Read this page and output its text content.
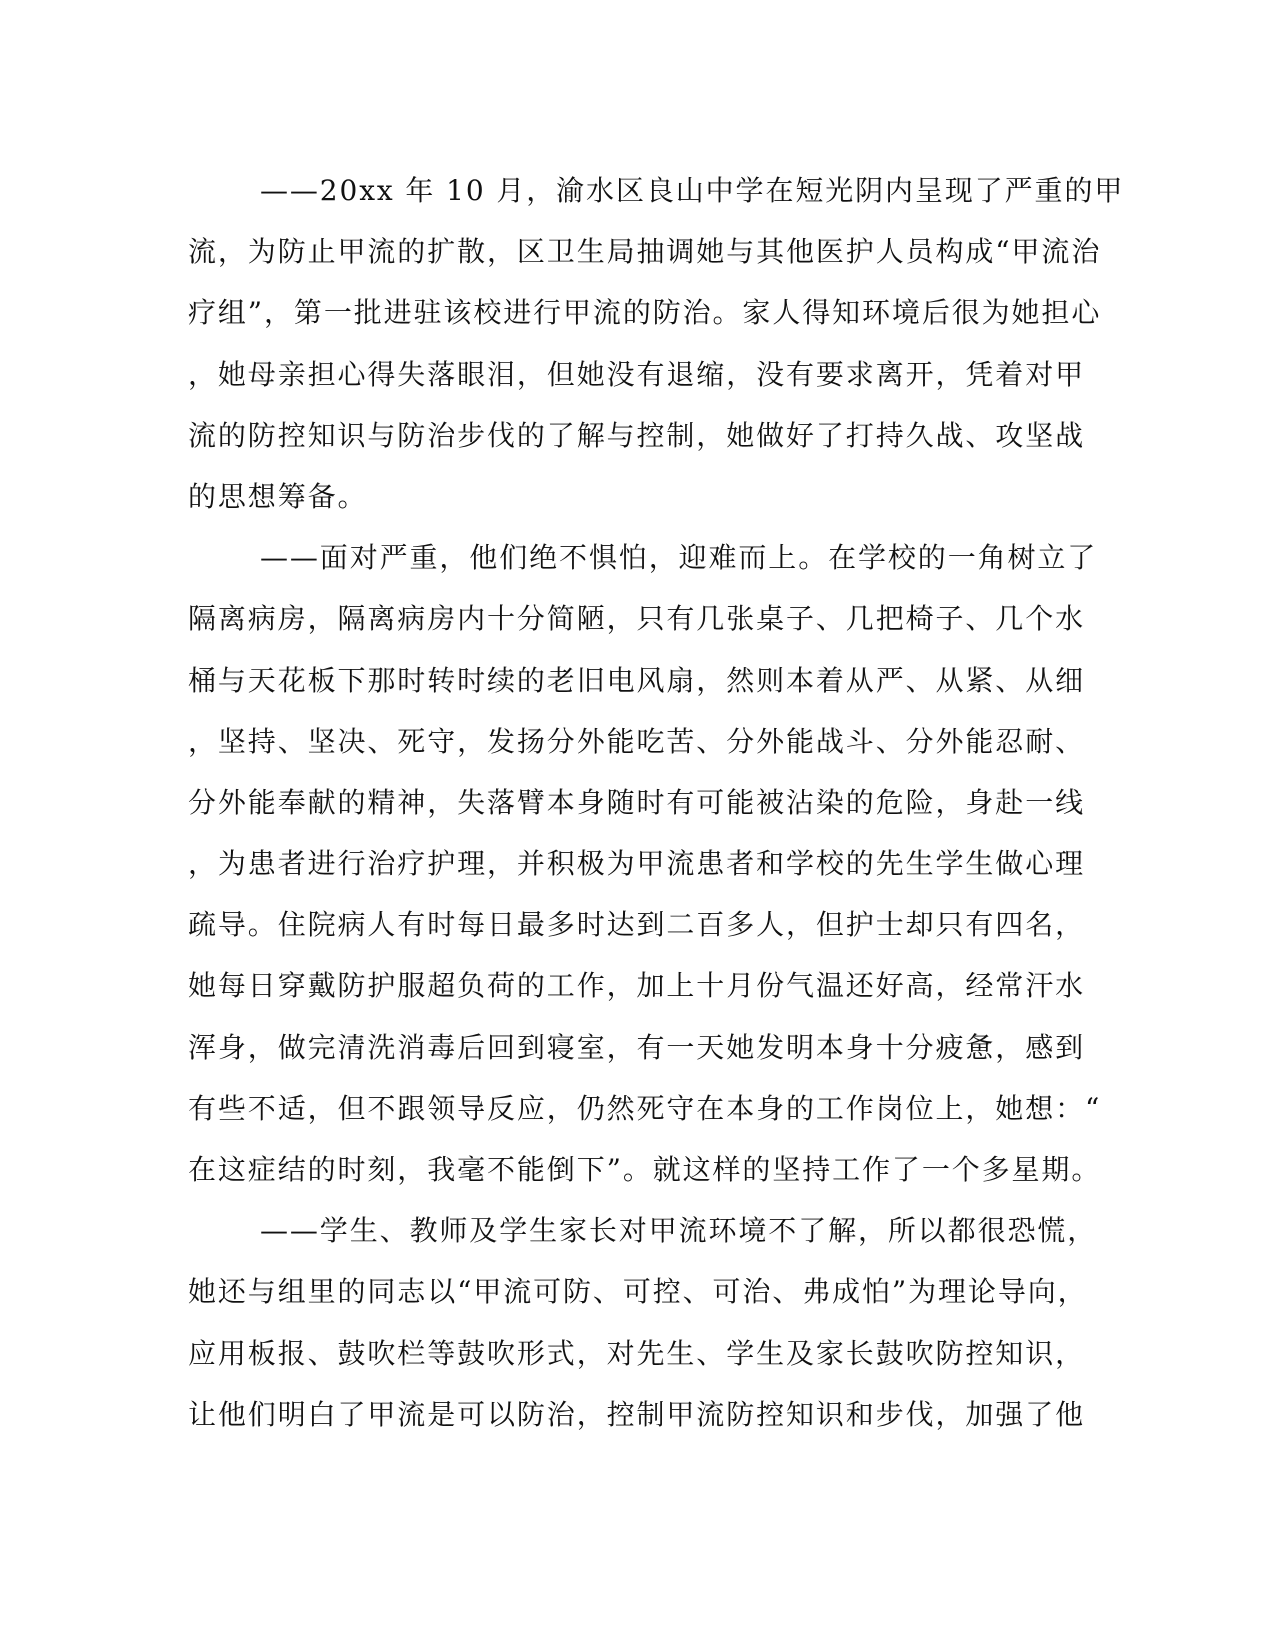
——20xx 年 10 月，渝水区良山中学在短光阴内呈现了严重的甲
流，为防止甲流的扩散，区卫生局抽调她与其他医护人员构成“甲流治
疗组”，第一批进驻该校进行甲流的防治。家人得知环境后很为她担心
，她母亲担心得失落眼泪，但她没有退缩，没有要求离开，凭着对甲
流的防控知识与防治步伐的了解与控制，她做好了打持久战、攻坚战
的思想筹备。
——面对严重，他们绝不惧怕，迎难而上。在学校的一角树立了
隔离病房，隔离病房内十分简陋，只有几张桌子、几把椅子、几个水
桶与天花板下那时转时续的老旧电风扇，然则本着从严、从紧、从细
，坚持、坚决、死守，发扬分外能吃苦、分外能战斗、分外能忍耐、
分外能奉献的精神，失落臂本身随时有可能被沾染的危险，身赴一线
，为患者进行治疗护理，并积极为甲流患者和学校的先生学生做心理
疏导。住院病人有时每日最多时达到二百多人，但护士却只有四名，
她每日穿戴防护服超负荷的工作，加上十月份气温还好高，经常汗水
浑身，做完清洗消毒后回到寝室，有一天她发明本身十分疲惫，感到
有些不适，但不跟领导反应，仍然死守在本身的工作岗位上，她想：“
在这症结的时刻，我毫不能倒下”。就这样的坚持工作了一个多星期。
——学生、教师及学生家长对甲流环境不了解，所以都很恐慌，
她还与组里的同志以“甲流可防、可控、可治、弗成怕”为理论导向，
应用板报、鼓吹栏等鼓吹形式，对先生、学生及家长鼓吹防控知识，
让他们明白了甲流是可以防治，控制甲流防控知识和步伐，加强了他
